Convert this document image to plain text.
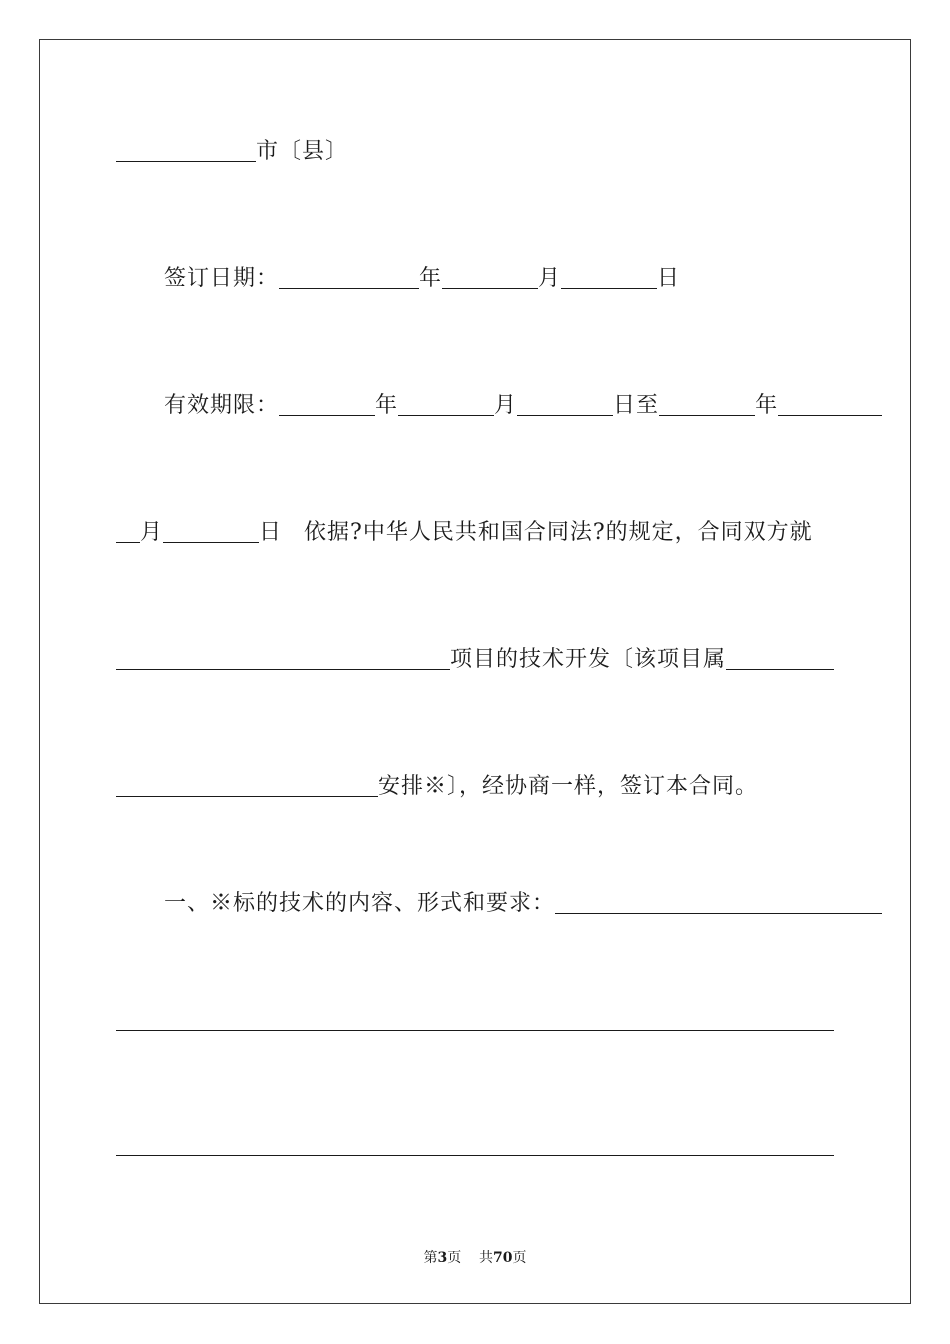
市〔县〕
签订日期：	年	月	日
有效期限：	年	月	日至	年
月	日 依据?中华人民共和国合同法?的规定，合同双方就
项目的技术开发〔该项目属
安排※〕，经协商一样，签订本合同。
一、※标的技术的内容、形式和要求：
第3页 共70页
